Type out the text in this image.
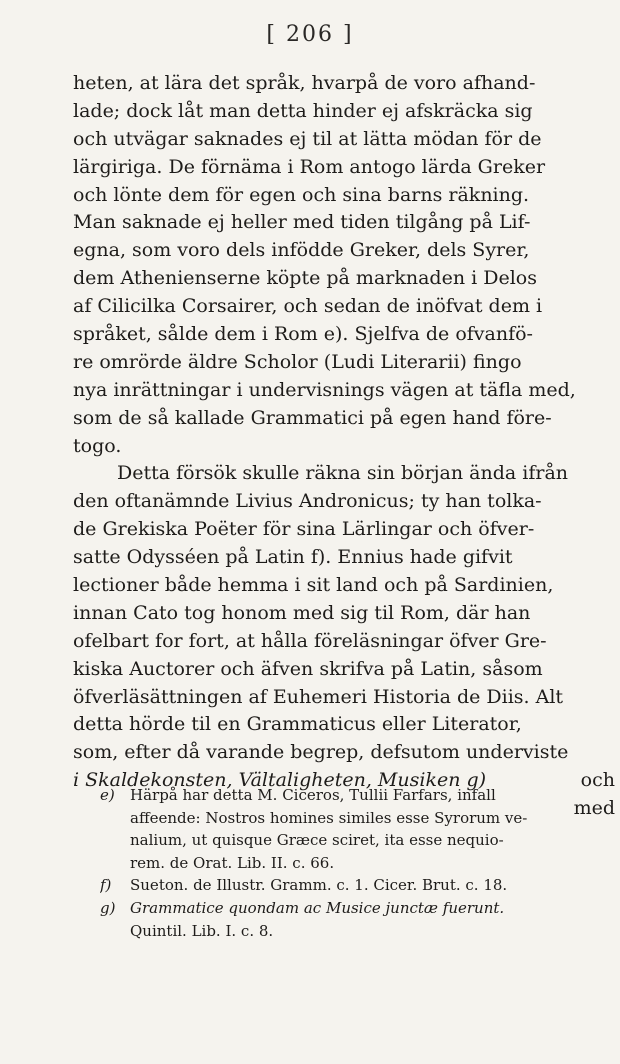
[ 206 ]
heten, at lära det språk, hvarpå de voro afhand-
lade; dock låt man detta hinder ej afskräcka sig
och utvägar saknades ej til at lätta mödan för de
lärgiriga. De förnäma i Rom antogo lärda Greker
och lönte dem för egen och sina barns räkning.
Man saknade ej heller med tiden tilgång på Lif-
egna, som voro dels infödde Greker, dels Syrer,
dem Athenienserne köpte på marknaden i Delos
af Cilicilka Corsairer, och sedan de inöfvat dem i
språket, sålde dem i Rom e). Sjelfva de ofvanfö-
re omrörde äldre Scholor (Ludi Literarii) fingo
nya inrättningar i undervisnings vägen at täfla med,
som de så kallade Grammatici på egen hand före-
togo.
Detta försök skulle räkna sin början ända ifrån
den oftanämnde Livius Andronicus; ty han tolka-
de Grekiska Poëter för sina Lärlingar och öfver-
satte Odysséen på Latin f). Ennius hade gifvit
lectioner både hemma i sit land och på Sardinien,
innan Cato tog honom med sig til Rom, där han
ofelbart for fort, at hålla föreläsningar öfver Gre-
kiska Auctorer och äfven skrifva på Latin, såsom
öfverläsättningen af Euhemeri Historia de Diis. Alt
detta hörde til en Grammaticus eller Literator,
som, efter då varande begrep, defsutom underviste
i Skaldekonsten, Vältaligheten, Musiken g)	och
med
e) Härpå har detta M. Ciceros, Tullii Farfars, infall
affeende: Nostros homines similes esse Syrorum ve-
nalium, ut quisque Græce sciret, ita esse nequio-
rem. de Orat. Lib. II. c. 66.
f) Sueton. de Illustr. Gramm. c. 1. Cicer. Brut. c. 18.
g) Grammatice quondam ac Musice junctæ fuerunt.
Quintil. Lib. I. c. 8.
